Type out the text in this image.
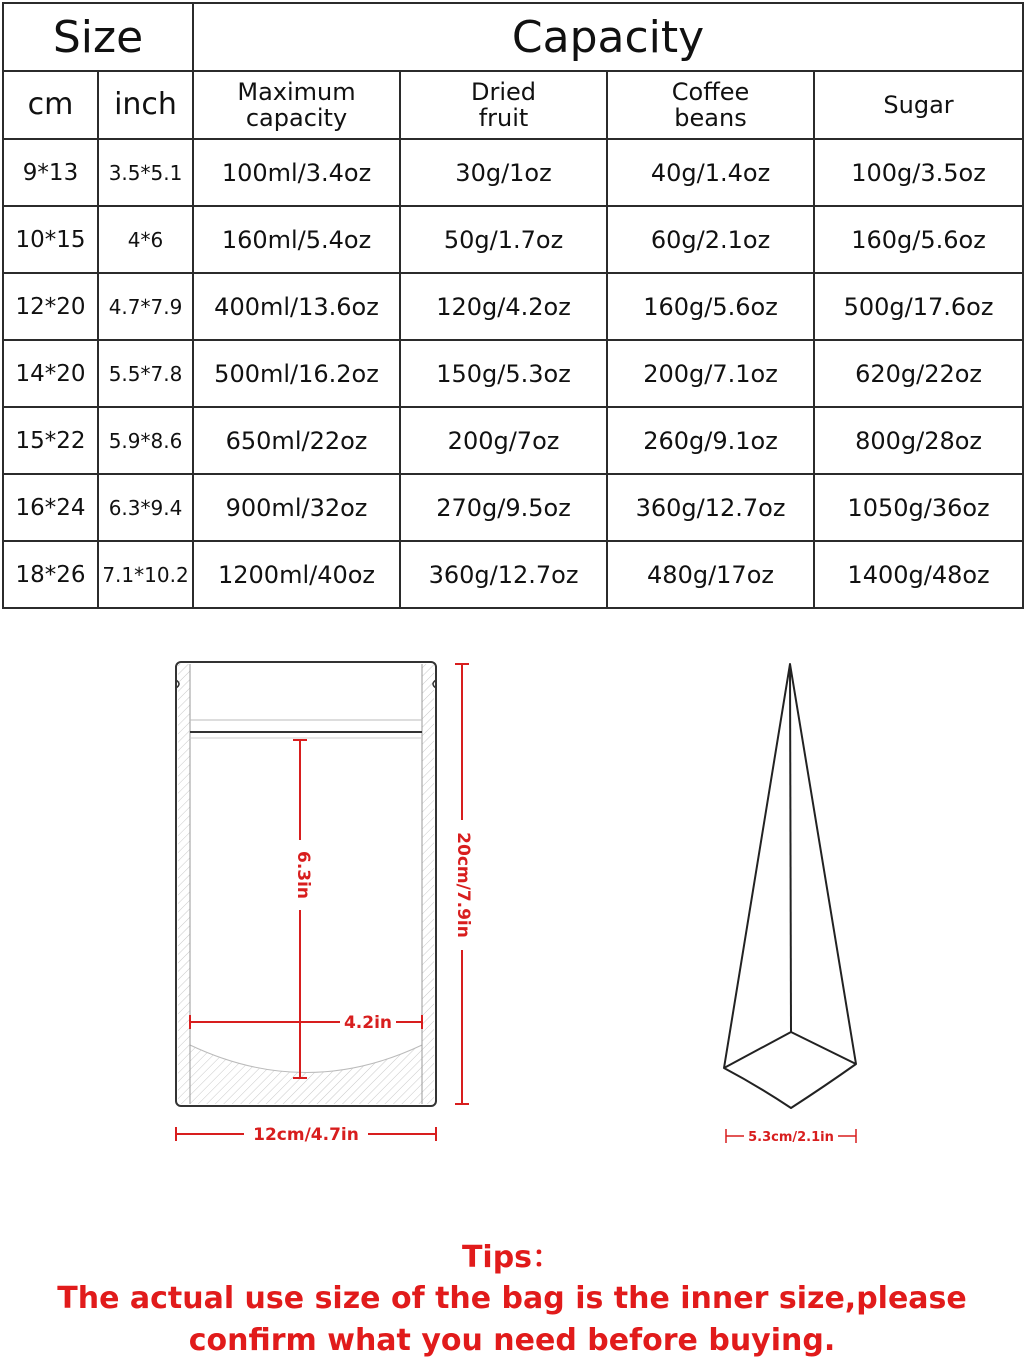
Size		Capacity			
cm	inch	Maximum capacity	Dried fruit	Coffee beans	Sugar
9*13	3.5*5.1	100ml/3.4oz	30g/1oz	40g/1.4oz	100g/3.5oz
10*15	4*6	160ml/5.4oz	50g/1.7oz	60g/2.1oz	160g/5.6oz
12*20	4.7*7.9	400ml/13.6oz	120g/4.2oz	160g/5.6oz	500g/17.6oz
14*20	5.5*7.8	500ml/16.2oz	150g/5.3oz	200g/7.1oz	620g/22oz
15*22	5.9*8.6	650ml/22oz	200g/7oz	260g/9.1oz	800g/28oz
16*24	6.3*9.4	900ml/32oz	270g/9.5oz	360g/12.7oz	1050g/36oz
18*26	7.1*10.2	1200ml/40oz	360g/12.7oz	480g/17oz	1400g/48oz
6.3in
4.2in
20cm/7.9in
12cm/4.7in	5.3cm/2.1in
Tips：
The actual use size of the bag is the inner size,please confirm what you need before buying.
